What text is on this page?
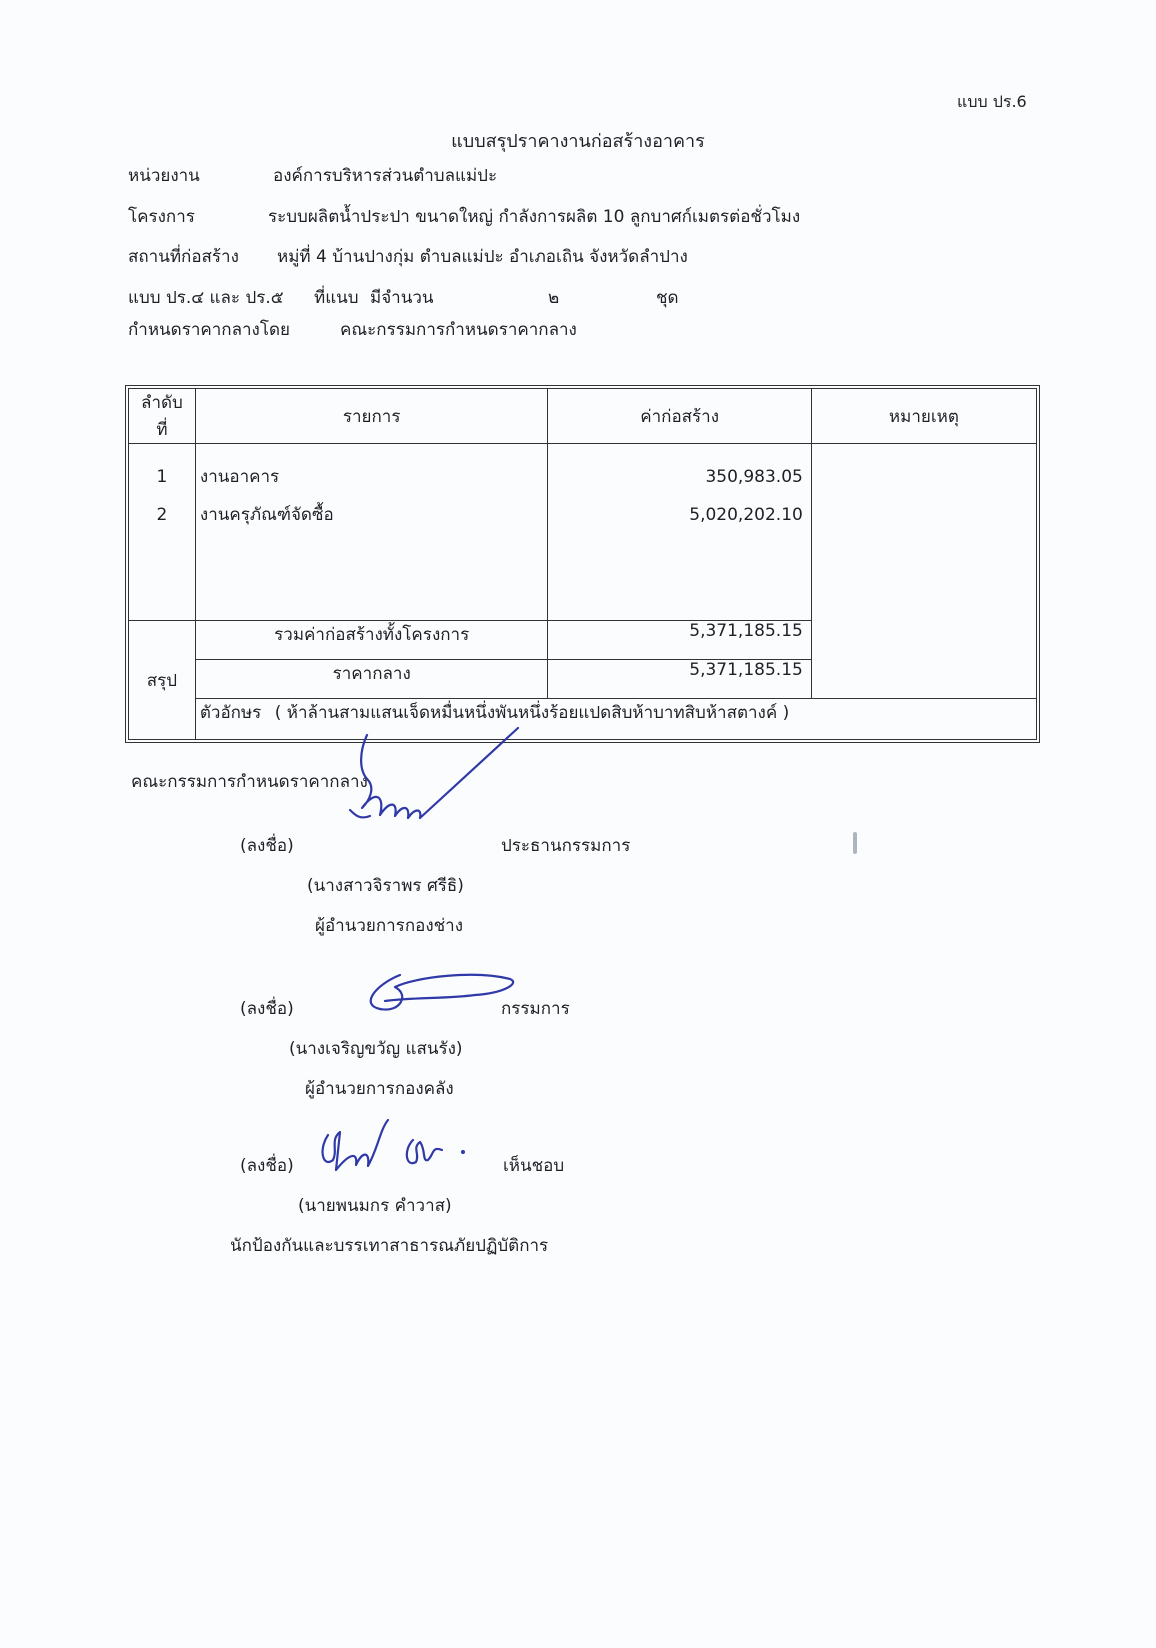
แบบ ปร.6
แบบสรุปราคางานก่อสร้างอาคาร
หน่วยงาน	องค์การบริหารส่วนตำบลแม่ปะ
โครงการ	ระบบผลิตน้ำประปา ขนาดใหญ่ กำลังการผลิต 10 ลูกบาศก์เมตรต่อชั่วโมง
สถานที่ก่อสร้าง หมู่ที่ 4 บ้านปางกุ่ม ตำบลแม่ปะ อำเภอเถิน จังหวัดลำปาง
แบบ ปร.๔ และ ปร.๕ ที่แนบ มีจำนวน	๒	ชุด
กำหนดราคากลางโดย	คณะกรรมการกำหนดราคากลาง
ลำดับที่	รายการ	ค่าก่อสร้าง	หมายเหตุ

1
2

งานอาคาร
งานครุภัณฑ์จัดซื้อ

350,983.05
5,020,202.10

สรุป	รวมค่าก่อสร้างทั้งโครงการ	5,371,185.15
ราคากลาง	5,371,185.15
ตัวอักษร ( ห้าล้านสามแสนเจ็ดหมื่นหนึ่งพันหนึ่งร้อยแปดสิบห้าบาทสิบห้าสตางค์ )
คณะกรรมการกำหนดราคากลาง
(ลงชื่อ)	ประธานกรรมการ
(นางสาวจิราพร ศรีธิ)
ผู้อำนวยการกองช่าง
(ลงชื่อ)	กรรมการ
(นางเจริญขวัญ แสนรัง)
ผู้อำนวยการกองคลัง
(ลงชื่อ)	เห็นชอบ
(นายพนมกร คำวาส)
นักป้องกันและบรรเทาสาธารณภัยปฏิบัติการ
